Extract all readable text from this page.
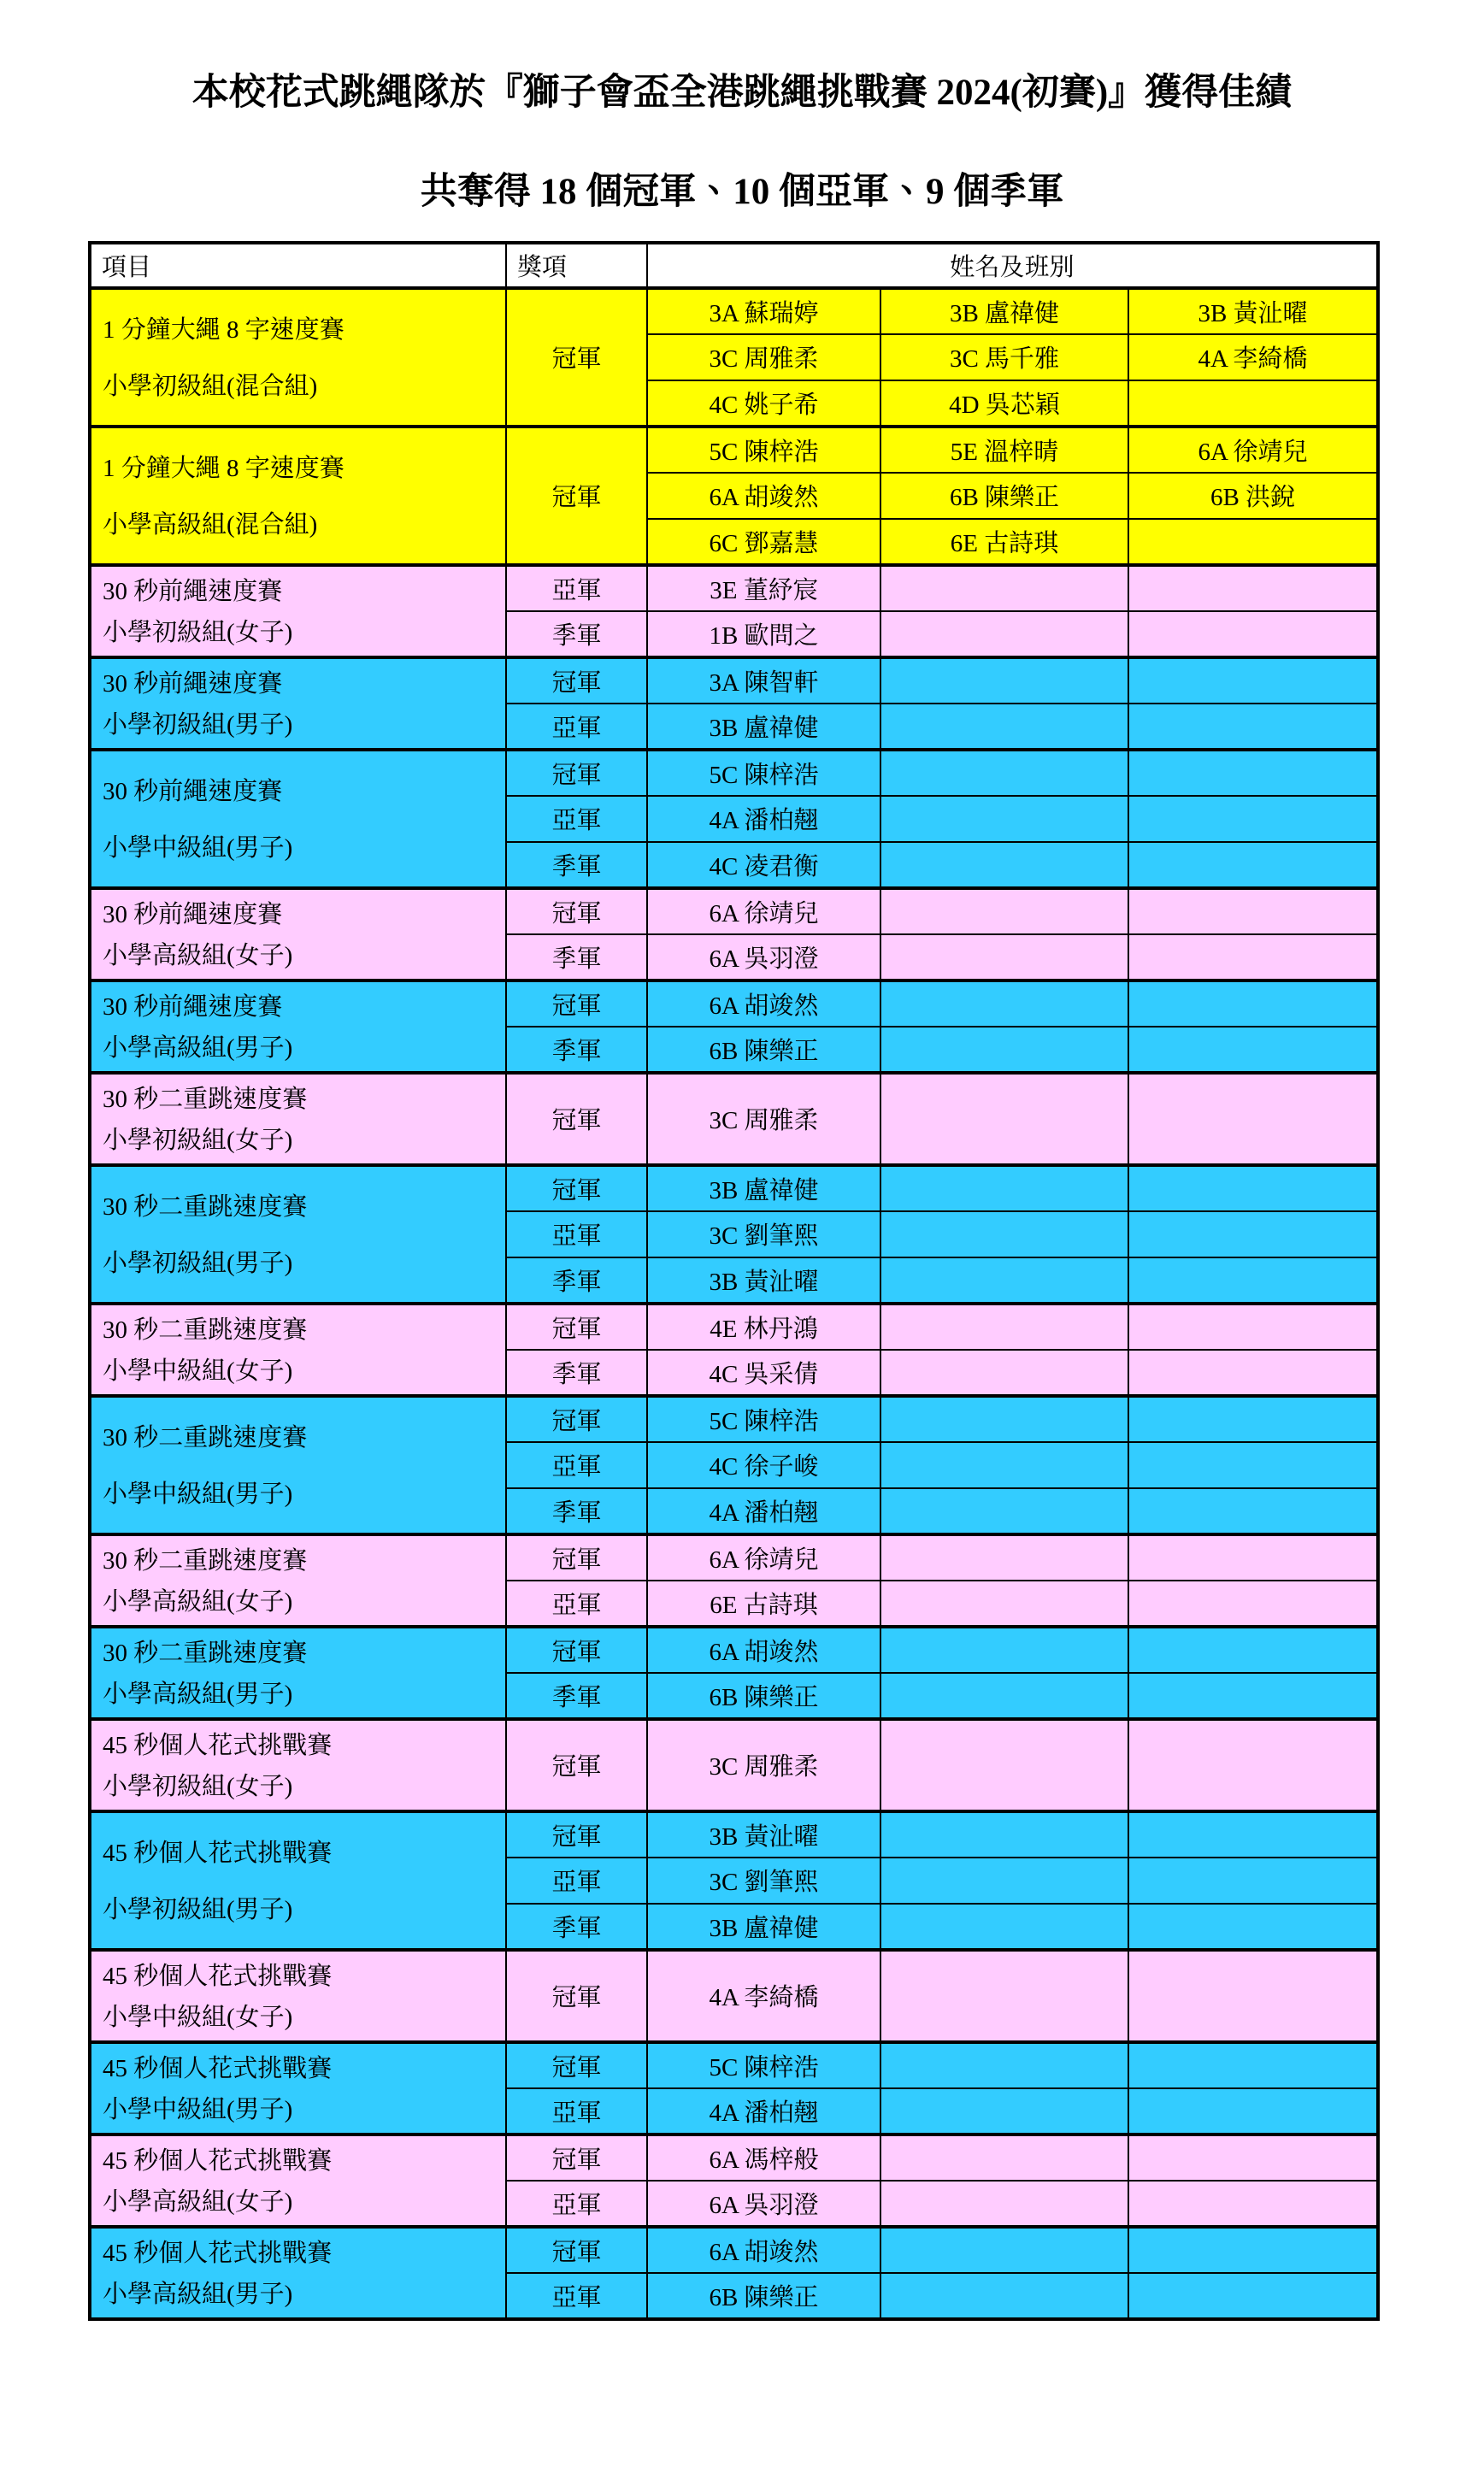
本校花式跳繩隊於『獅子會盃全港跳繩挑戰賽 2024(初賽)』獲得佳績
共奪得 18 個冠軍、10 個亞軍、9 個季軍
項目	獎項	姓名及班別		

1 分鐘大繩 8 字速度賽
小學初級組(混合組)	冠軍	3A 蘇瑞婷	3B 盧禕健	3B 黃沚曜
		3C 周雅柔	3C 馬千雅	4A 李綺橋
		4C 姚子希	4D 吳芯穎	

1 分鐘大繩 8 字速度賽
小學高級組(混合組)	冠軍	5C 陳梓浩	5E 溫梓晴	6A 徐靖兒
		6A 胡竣然	6B 陳樂正	6B 洪銳
		6C 鄧嘉慧	6E 古詩琪	

30 秒前繩速度賽
小學初級組(女子)	亞軍	3E 董紓宸		
	季軍	1B 歐問之		

30 秒前繩速度賽
小學初級組(男子)	冠軍	3A 陳智軒		
	亞軍	3B 盧禕健		

30 秒前繩速度賽
小學中級組(男子)	冠軍	5C 陳梓浩		
	亞軍	4A 潘柏翹		
	季軍	4C 凌君衡		

30 秒前繩速度賽
小學高級組(女子)	冠軍	6A 徐靖兒		
	季軍	6A 吳羽澄		

30 秒前繩速度賽
小學高級組(男子)	冠軍	6A 胡竣然		
	季軍	6B 陳樂正		

30 秒二重跳速度賽
小學初級組(女子)	冠軍	3C 周雅柔		

30 秒二重跳速度賽
小學初級組(男子)	冠軍	3B 盧禕健		
	亞軍	3C 劉筆熙		
	季軍	3B 黃沚曜		

30 秒二重跳速度賽
小學中級組(女子)	冠軍	4E 林丹鴻		
	季軍	4C 吳采倩		

30 秒二重跳速度賽
小學中級組(男子)	冠軍	5C 陳梓浩		
	亞軍	4C 徐子峻		
	季軍	4A 潘柏翹		

30 秒二重跳速度賽
小學高級組(女子)	冠軍	6A 徐靖兒		
	亞軍	6E 古詩琪		

30 秒二重跳速度賽
小學高級組(男子)	冠軍	6A 胡竣然		
	季軍	6B 陳樂正		

45 秒個人花式挑戰賽
小學初級組(女子)	冠軍	3C 周雅柔		

45 秒個人花式挑戰賽
小學初級組(男子)	冠軍	3B 黃沚曜		
	亞軍	3C 劉筆熙		
	季軍	3B 盧禕健		

45 秒個人花式挑戰賽
小學中級組(女子)	冠軍	4A 李綺橋		

45 秒個人花式挑戰賽
小學中級組(男子)	冠軍	5C 陳梓浩		
	亞軍	4A 潘柏翹		

45 秒個人花式挑戰賽
小學高級組(女子)	冠軍	6A 馮梓般		
	亞軍	6A 吳羽澄		

45 秒個人花式挑戰賽
小學高級組(男子)	冠軍	6A 胡竣然		
	亞軍	6B 陳樂正		
